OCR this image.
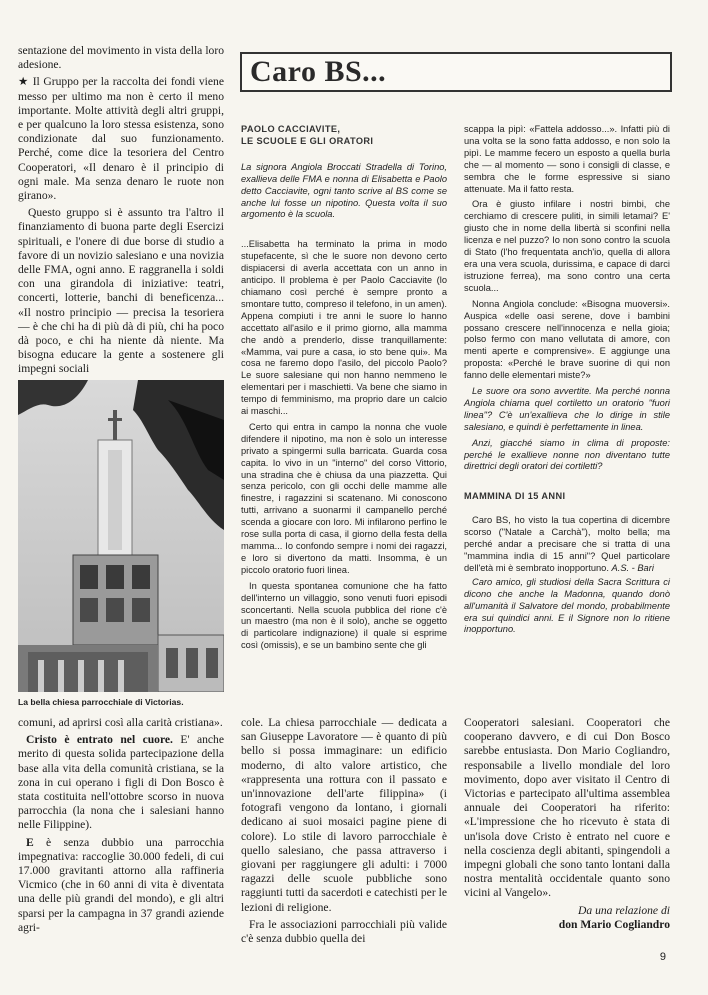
sentazione del movimento in vista della loro adesione.

★ Il Gruppo per la raccolta dei fondi viene messo per ultimo ma non è certo il meno importante. Molte attività degli altri gruppi, e per qualcuno la loro stessa esistenza, sono condizionate dal suo funzionamento. Perché, come dice la tesoriera del Centro Cooperatori, «Il denaro è il principio di ogni male. Ma senza denaro le ruote non girano».

Questo gruppo si è assunto tra l'altro il finanziamento di buona parte degli Esercizi spirituali, e l'onere di due borse di studio a favore di un novizio salesiano e una novizia delle FMA, ogni anno. E raggranella i soldi con una girandola di iniziative: teatri, concerti, lotterie, banchi di beneficenza... «Il nostro principio — precisa la tesoriera — è che chi ha di più dà di più, chi ha poco dà poco, e chi ha niente dà niente. Ma bisogna educare la gente a sostenere gli impegni sociali

La bella chiesa parrocchiale di Victorias.
Caro BS...
PAOLO CACCIAVITE,
LE SCUOLE E GLI ORATORI

La signora Angiola Broccati Stradella di Torino, exallieva delle FMA e nonna di Elisabetta e Paolo detto Cacciavite, ogni tanto scrive al BS come se anche lui fosse un nipotino. Questa volta il suo argomento è la scuola.

...Elisabetta ha terminato la prima in modo stupefacente, sì che le suore non devono certo dispiacersi di averla accettata con un anno in anticipo. Il problema è per Paolo Cacciavite (lo chiamano così perché è sempre pronto a smontare tutto, compreso il telefono, in un amen). Appena compiuti i tre anni le suore lo hanno accettato all'asilo e il primo giorno, alla mamma che andò a prenderlo, disse tranquillamente: «Mamma, vai pure a casa, io sto bene qui». Ma cosa ne faremo dopo l'asilo, del piccolo Paolo? Le suore salesiane qui non hanno nemmeno le elementari per i maschietti. Va bene che siamo in tempo di femminismo, ma proprio dare un calcio ai maschi...

Certo qui entra in campo la nonna che vuole difendere il nipotino, ma non è solo un interesse privato a spingermi sulla barricata. Guarda cosa capita. Io vivo in un "interno" del corso Vittorio, una stradina che è chiusa da una piazzetta. Qui senza pericolo, con gli occhi delle mamme alle finestre, i ragazzini si scatenano. Mi conoscono tutti, arrivano a suonarmi il campanello perché scenda a giocare con loro. Mi infilarono perfino le rose sulla porta di casa, il giorno della festa della mamma... Io confondo sempre i nomi dei ragazzi, e loro si divertono da matti. Insomma, è un piccolo oratorio fuori linea.

In questa spontanea comunione che ha fatto dell'interno un villaggio, sono venuti fuori episodi sconcertanti. Nella scuola pubblica del rione c'è un maestro (ma non è il solo), anche se oggetto di particolare indignazione) il quale si esprime così (omissis), e se un bambino sente che gli

scappa la pipì: «Fattela addosso...». Infatti più di una volta se la sono fatta addosso, e non solo la pipì. Le mamme fecero un esposto a quella burla che — al momento — sono i consigli di classe, e sembra che le forme espressive si siano attenuate. Ma il fatto resta.

Ora è giusto infilare i nostri bimbi, che cerchiamo di crescere puliti, in simili letamai? E' giusto che in nome della libertà si sconfini nella licenza e nel puzzo? Io non sono contro la scuola di Stato (l'ho frequentata anch'io, quella di allora era una vera scuola, durissima, e capace di darci istruzione ferrea), ma sono contro una certa scuola...

Nonna Angiola conclude: «Bisogna muoversi». Auspica «delle oasi serene, dove i bambini possano crescere nell'innocenza e nella gioia; polso fermo con mano vellutata di amore, con menti aperte e comprensive». E aggiunge una proposta: «Perché le brave suorine di qui non fanno delle elementari miste?»

Le suore ora sono avvertite. Ma perché nonna Angiola chiama quel cortiletto un oratorio "fuori linea"? C'è un'exallieva che lo dirige in stile salesiano, e quindi è perfettamente in linea.

Anzi, giacché siamo in clima di proposte: perché le exallieve nonne non diventano tutte direttrici degli oratori dei cortiletti?

MAMMINA DI 15 ANNI

Caro BS, ho visto la tua copertina di dicembre scorso ("Natale a Carchà"), molto bella; ma perché andar a precisare che si tratta di una "mammina indìa di 15 anni"? Quel particolare dell'età mi è sembrato inopportuno. A.S. - Bari

Caro amico, gli studiosi della Sacra Scrittura ci dicono che anche la Madonna, quando donò all'umanità il Salvatore del mondo, probabilmente era sui quindici anni. E il Signore non lo ritiene inopportuno.

comuni, ad aprirsi così alla carità cristiana».

Cristo è entrato nel cuore. E' anche merito di questa solida partecipazione della base alla vita della comunità cristiana, se la zona in cui operano i figli di Don Bosco è stata costituita nell'ottobre scorso in nuova parrocchia (la nona che i salesiani hanno nelle Filippine).

E è senza dubbio una parrocchia impegnativa: raccoglie 30.000 fedeli, di cui 17.000 gravitanti attorno alla raffineria Vicmico (che in 60 anni di vita è diventata una delle più grandi del mondo), e gli altri sparsi per la campagna in 37 grandi aziende agri-

cole. La chiesa parrocchiale — dedicata a san Giuseppe Lavoratore — è quanto di più bello si possa immaginare: un edificio moderno, di alto valore artistico, che «rappresenta una rottura con il passato e un'innovazione dell'arte filippina» (i fotografi vengono da lontano, i giornali dedicano ai suoi mosaici pagine piene di colore). Lo stile di lavoro parrocchiale è quello salesiano, che passa attraverso i giovani per raggiungere gli adulti: i 7000 ragazzi delle scuole pubbliche sono raggiunti tutti da sacerdoti e catechisti per le lezioni di religione.

Fra le associazioni parrocchiali più valide c'è senza dubbio quella dei

Cooperatori salesiani. Cooperatori che cooperano davvero, e di cui Don Bosco sarebbe entusiasta. Don Mario Cogliandro, responsabile a livello mondiale del loro movimento, dopo aver visitato il Centro di Victorias e partecipato all'ultima assemblea annuale dei Cooperatori ha riferito: «L'impressione che ho ricevuto è stata di un'isola dove Cristo è entrato nel cuore e nella coscienza degli abitanti, spingendoli a impegni globali che sono tanto lontani dalla nostra mentalità occidentale quanto sono vicini al Vangelo».

Da una relazione di
don Mario Cogliandro
9
